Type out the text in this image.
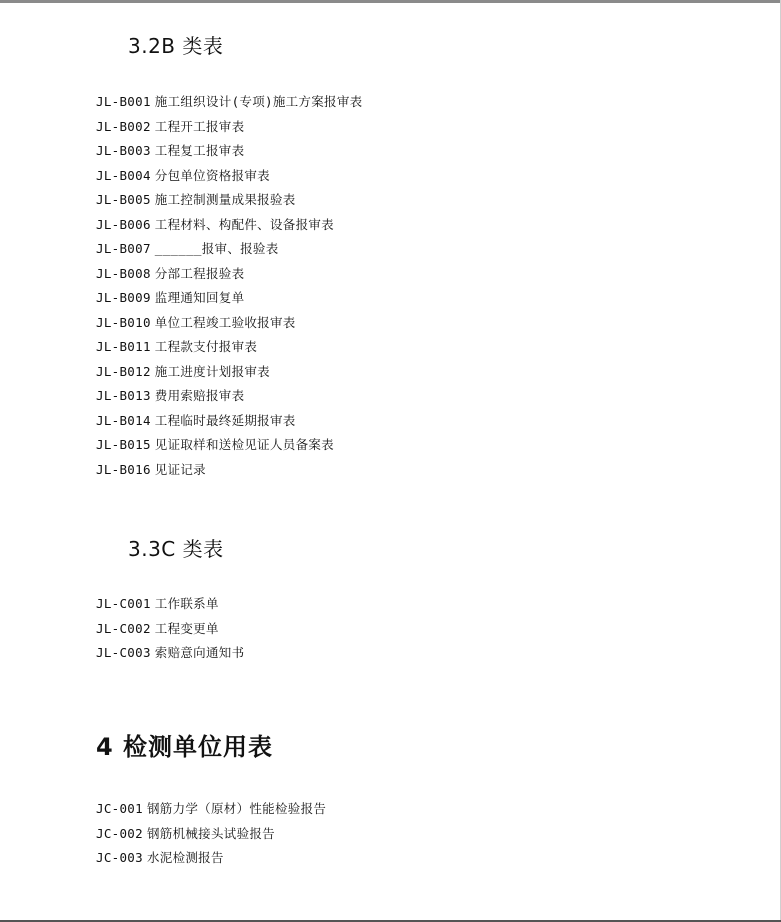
3.2B 类表
JL-B001 施工组织设计(专项)施工方案报审表
JL-B002 工程开工报审表
JL-B003 工程复工报审表
JL-B004 分包单位资格报审表
JL-B005 施工控制测量成果报验表
JL-B006 工程材料、构配件、设备报审表
JL-B007 ______报审、报验表
JL-B008 分部工程报验表
JL-B009 监理通知回复单
JL-B010 单位工程竣工验收报审表
JL-B011 工程款支付报审表
JL-B012 施工进度计划报审表
JL-B013 费用索赔报审表
JL-B014 工程临时最终延期报审表
JL-B015 见证取样和送检见证人员备案表
JL-B016 见证记录
3.3C 类表
JL-C001 工作联系单
JL-C002 工程变更单
JL-C003 索赔意向通知书
4 检测单位用表
JC-001 钢筋力学（原材）性能检验报告
JC-002 钢筋机械接头试验报告
JC-003 水泥检测报告
